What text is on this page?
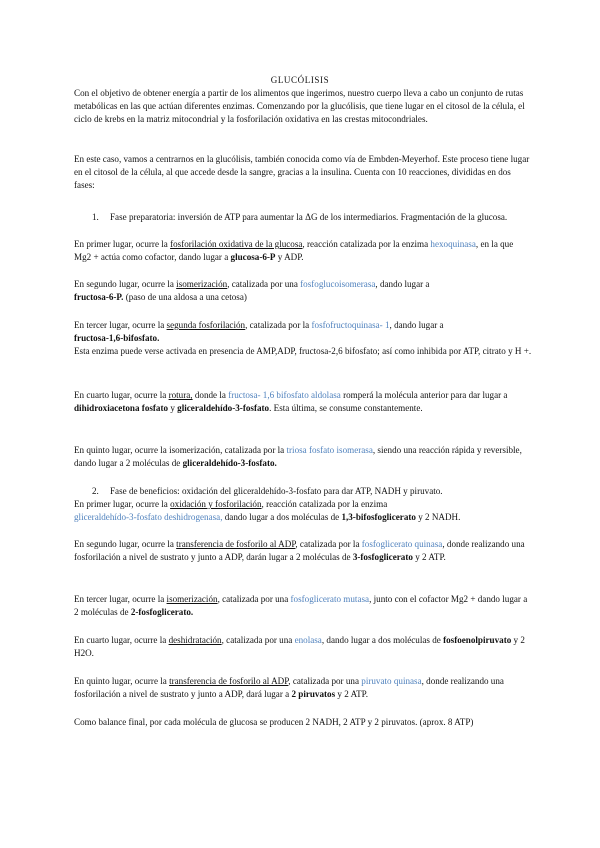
GLUCÓLISIS

Con el objetivo de obtener energía a partir de los alimentos que ingerimos, nuestro cuerpo lleva a cabo un conjunto de rutas metabólicas en las que actúan diferentes enzimas. Comenzando por la glucólisis, que tiene lugar en el citosol de la célula, el ciclo de krebs en la matriz mitocondrial y la fosforilación oxidativa en las crestas mitocondriales.

En este caso, vamos a centrarnos en la glucólisis, también conocida como vía de Embden-Meyerhof. Este proceso tiene lugar en el citosol de la célula, al que accede desde la sangre, gracias a la insulina. Cuenta con 10 reacciones, divididas en dos fases:

1. Fase preparatoria: inversión de ATP para aumentar la ΔG de los intermediarios. Fragmentación de la glucosa.

En primer lugar, ocurre la fosforilación oxidativa de la glucosa, reacción catalizada por la enzima hexoquinasa, en la que Mg2 + actúa como cofactor, dando lugar a glucosa-6-P y ADP.

En segundo lugar, ocurre la isomerización, catalizada por una fosfoglucoisomerasa, dando lugar a
fructosa-6-P. (paso de una aldosa a una cetosa)

En tercer lugar, ocurre la segunda fosforilación, catalizada por la fosfofructoquinasa- 1, dando lugar a
fructosa-1,6-bifosfato.
Esta enzima puede verse activada en presencia de AMP,ADP, fructosa-2,6 bifosfato; así como inhibida por ATP, citrato y H +.

En cuarto lugar, ocurre la rotura, donde la fructosa- 1,6 bifosfato aldolasa romperá la molécula anterior para dar lugar a dihidroxiacetona fosfato y gliceraldehído-3-fosfato. Esta última, se consume constantemente.

En quinto lugar, ocurre la isomerización, catalizada por la triosa fosfato isomerasa, siendo una reacción rápida y reversible, dando lugar a 2 moléculas de gliceraldehído-3-fosfato.

2. Fase de beneficios: oxidación del gliceraldehído-3-fosfato para dar ATP, NADH y piruvato.

En primer lugar, ocurre la oxidación y fosforilación, reacción catalizada por la enzima
gliceraldehído-3-fosfato deshidrogenasa, dando lugar a dos moléculas de 1,3-bifosfoglicerato y 2 NADH.

En segundo lugar, ocurre la transferencia de fosforilo al ADP, catalizada por la fosfoglicerato quinasa, donde realizando una fosforilación a nivel de sustrato y junto a ADP, darán lugar a 2 moléculas de 3-fosfoglicerato y 2 ATP.

En tercer lugar, ocurre la isomerización, catalizada por una fosfoglicerato mutasa, junto con el cofactor Mg2 + dando lugar a 2 moléculas de 2-fosfoglicerato.

En cuarto lugar, ocurre la deshidratación, catalizada por una enolasa, dando lugar a dos moléculas de fosfoenolpiruvato y 2 H2O.

En quinto lugar, ocurre la transferencia de fosforilo al ADP, catalizada por una piruvato quinasa, donde realizando una fosforilación a nivel de sustrato y junto a ADP, dará lugar a 2 piruvatos y 2 ATP.

Como balance final, por cada molécula de glucosa se producen 2 NADH, 2 ATP y 2 piruvatos. (aprox. 8 ATP)
